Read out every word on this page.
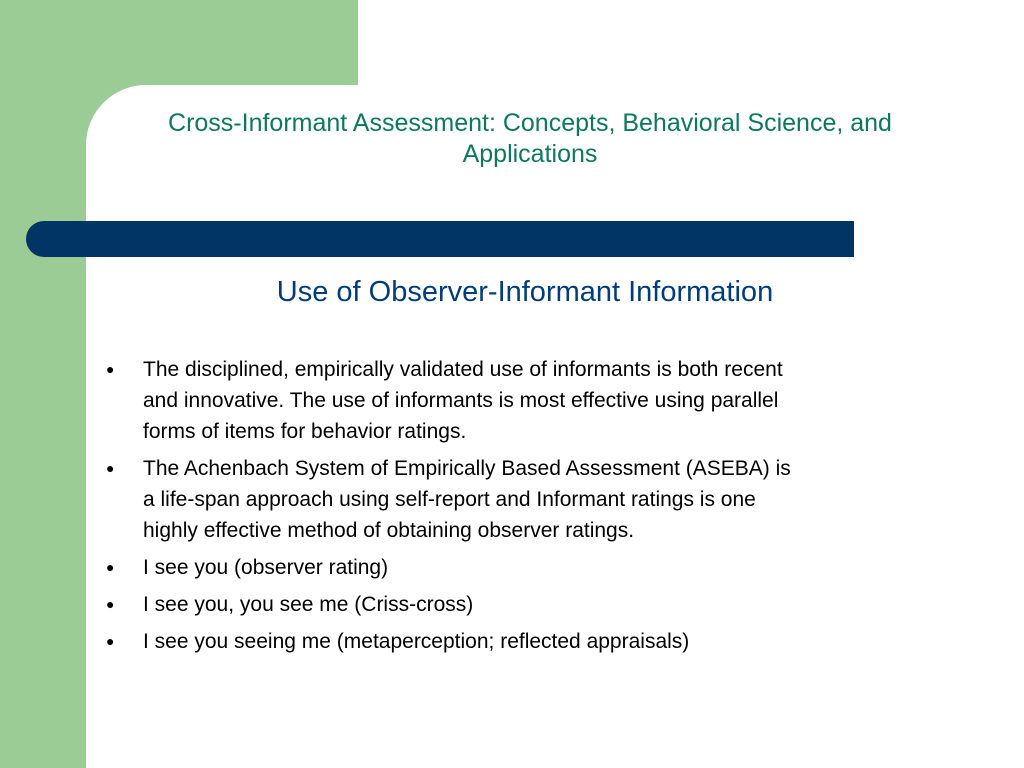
Cross-Informant Assessment: Concepts, Behavioral Science, and
Applications
Use of Observer-Informant Information
● The disciplined, empirically validated use of informants is both recent
and innovative. The use of informants is most effective using parallel
forms of items for behavior ratings.
● The Achenbach System of Empirically Based Assessment (ASEBA) is
a life-span approach using self-report and Informant ratings is one
highly effective method of obtaining observer ratings.
● I see you (observer rating)
● I see you, you see me (Criss-cross)
● I see you seeing me (metaperception; reflected appraisals)
